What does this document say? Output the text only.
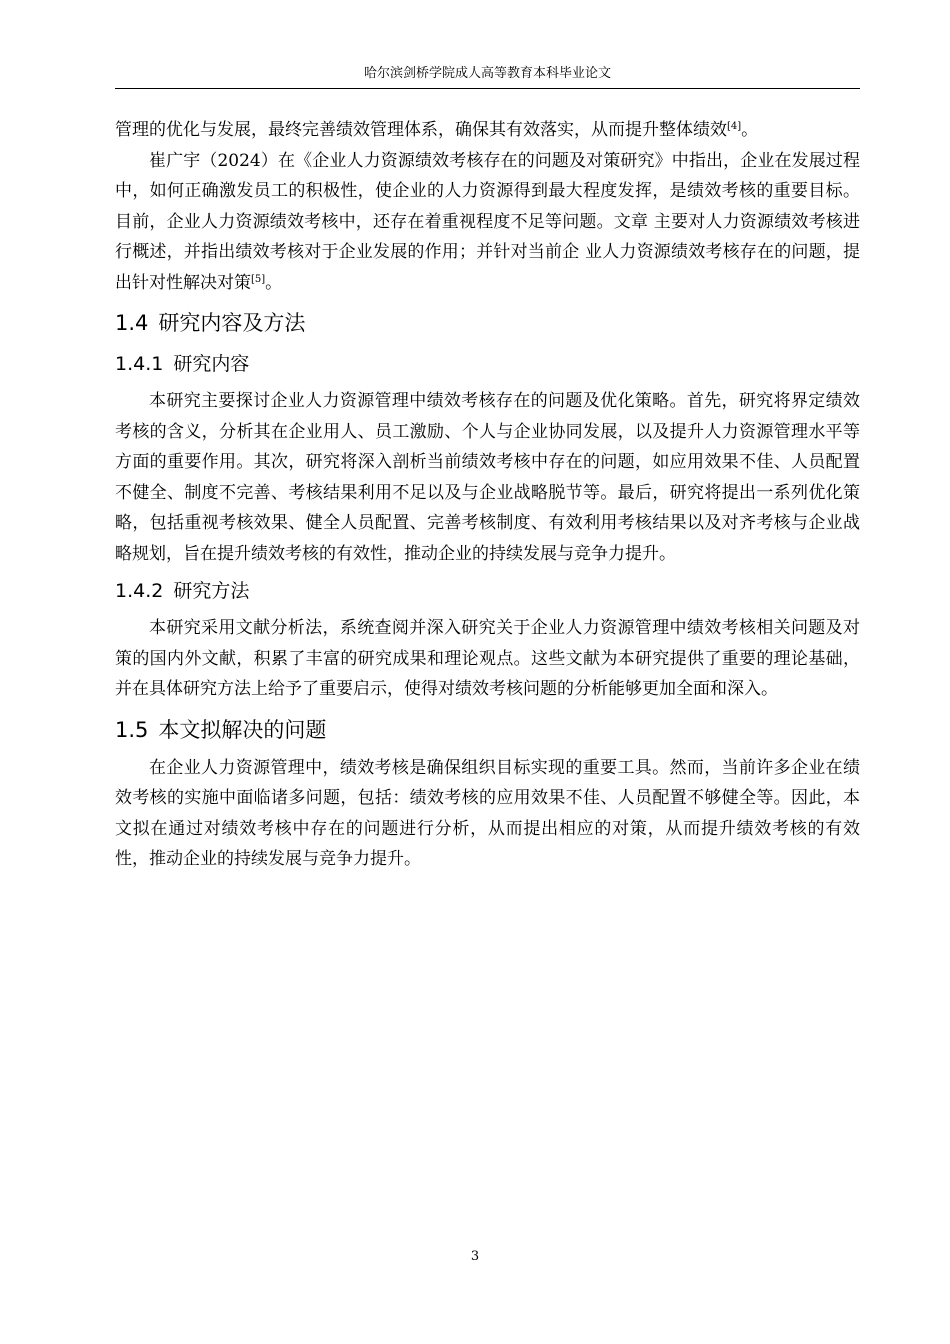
哈尔滨剑桥学院成人高等教育本科毕业论文

管理的优化与发展，最终完善绩效管理体系，确保其有效落实，从而提升整体绩效[4]。

崔广宇（2024）在《企业人力资源绩效考核存在的问题及对策研究》中指出，企业在发展过程中，如何正确激发员工的积极性，使企业的人力资源得到最大程度发挥，是绩效考核的重要目标。 目前，企业人力资源绩效考核中，还存在着重视程度不足等问题。文章 主要对人力资源绩效考核进行概述，并指出绩效考核对于企业发展的作用；并针对当前企 业人力资源绩效考核存在的问题，提出针对性解决对策[5]。

1.4 研究内容及方法
1.4.1 研究内容

本研究主要探讨企业人力资源管理中绩效考核存在的问题及优化策略。首先，研究将界定绩效考核的含义，分析其在企业用人、员工激励、个人与企业协同发展，以及提升人力资源管理水平等方面的重要作用。其次，研究将深入剖析当前绩效考核中存在的问题，如应用效果不佳、人员配置不健全、制度不完善、考核结果利用不足以及与企业战略脱节等。最后，研究将提出一系列优化策略，包括重视考核效果、健全人员配置、完善考核制度、有效利用考核结果以及对齐考核与企业战略规划，旨在提升绩效考核的有效性，推动企业的持续发展与竞争力提升。

1.4.2 研究方法

本研究采用文献分析法，系统查阅并深入研究关于企业人力资源管理中绩效考核相关问题及对策的国内外文献，积累了丰富的研究成果和理论观点。这些文献为本研究提供了重要的理论基础，并在具体研究方法上给予了重要启示，使得对绩效考核问题的分析能够更加全面和深入。

1.5 本文拟解决的问题

在企业人力资源管理中，绩效考核是确保组织目标实现的重要工具。然而，当前许多企业在绩效考核的实施中面临诸多问题，包括：绩效考核的应用效果不佳、人员配置不够健全等。因此，本文拟在通过对绩效考核中存在的问题进行分析，从而提出相应的对策，从而提升绩效考核的有效性，推动企业的持续发展与竞争力提升。

3
